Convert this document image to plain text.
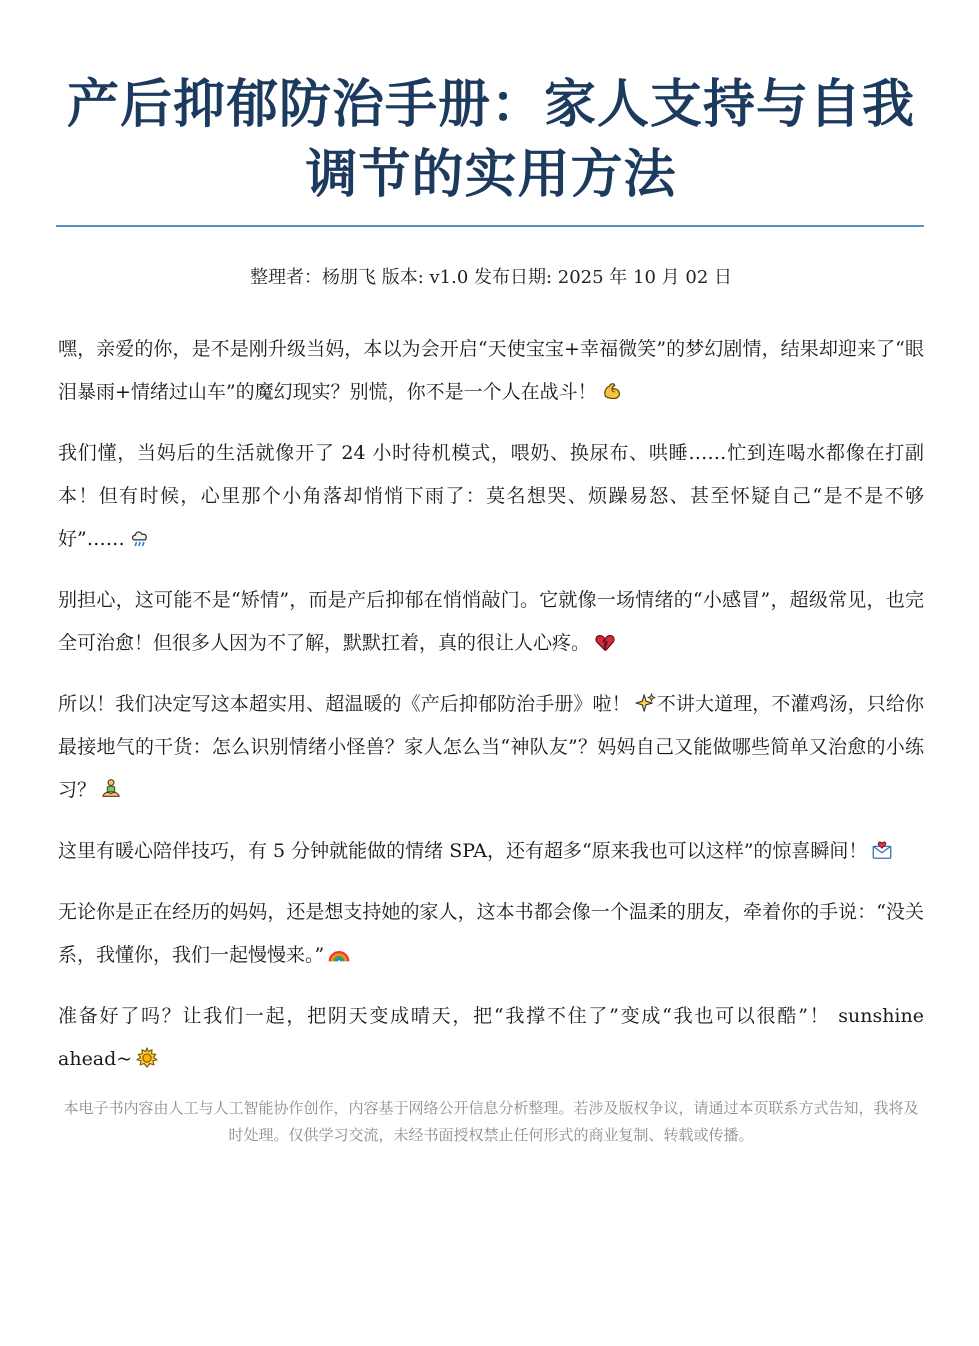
产后抑郁防治手册：家人支持与自我调节的实用方法
整理者：杨朋飞 版本: v1.0 发布日期: 2025 年 10 月 02 日

嘿，亲爱的你，是不是刚升级当妈，本以为会开启“天使宝宝+幸福微笑”的梦幻剧情，结果却迎来了“眼泪暴雨+情绪过山车”的魔幻现实？别慌，你不是一个人在战斗！

我们懂，当妈后的生活就像开了 24 小时待机模式，喂奶、换尿布、哄睡……忙到连喝水都像在打副本！但有时候，心里那个小角落却悄悄下雨了：莫名想哭、烦躁易怒、甚至怀疑自己“是不是不够好”……

别担心，这可能不是“矫情”，而是产后抑郁在悄悄敲门。它就像一场情绪的“小感冒”，超级常见，也完全可治愈！但很多人因为不了解，默默扛着，真的很让人心疼。

所以！我们决定写这本超实用、超温暖的《产后抑郁防治手册》啦！ 不讲大道理，不灌鸡汤，只给你最接地气的干货：怎么识别情绪小怪兽？家人怎么当“神队友”？妈妈自己又能做哪些简单又治愈的小练习？

这里有暖心陪伴技巧，有 5 分钟就能做的情绪 SPA，还有超多“原来我也可以这样”的惊喜瞬间！

无论你是正在经历的妈妈，还是想支持她的家人，这本书都会像一个温柔的朋友，牵着你的手说：“没关系，我懂你，我们一起慢慢来。”

准备好了吗？让我们一起，把阴天变成晴天，把“我撑不住了”变成“我也可以很酷”！ sunshine ahead~

本电子书内容由人工与人工智能协作创作，内容基于网络公开信息分析整理。若涉及版权争议，请通过本页联系方式告知，我将及时处理。仅供学习交流，未经书面授权禁止任何形式的商业复制、转载或传播。
